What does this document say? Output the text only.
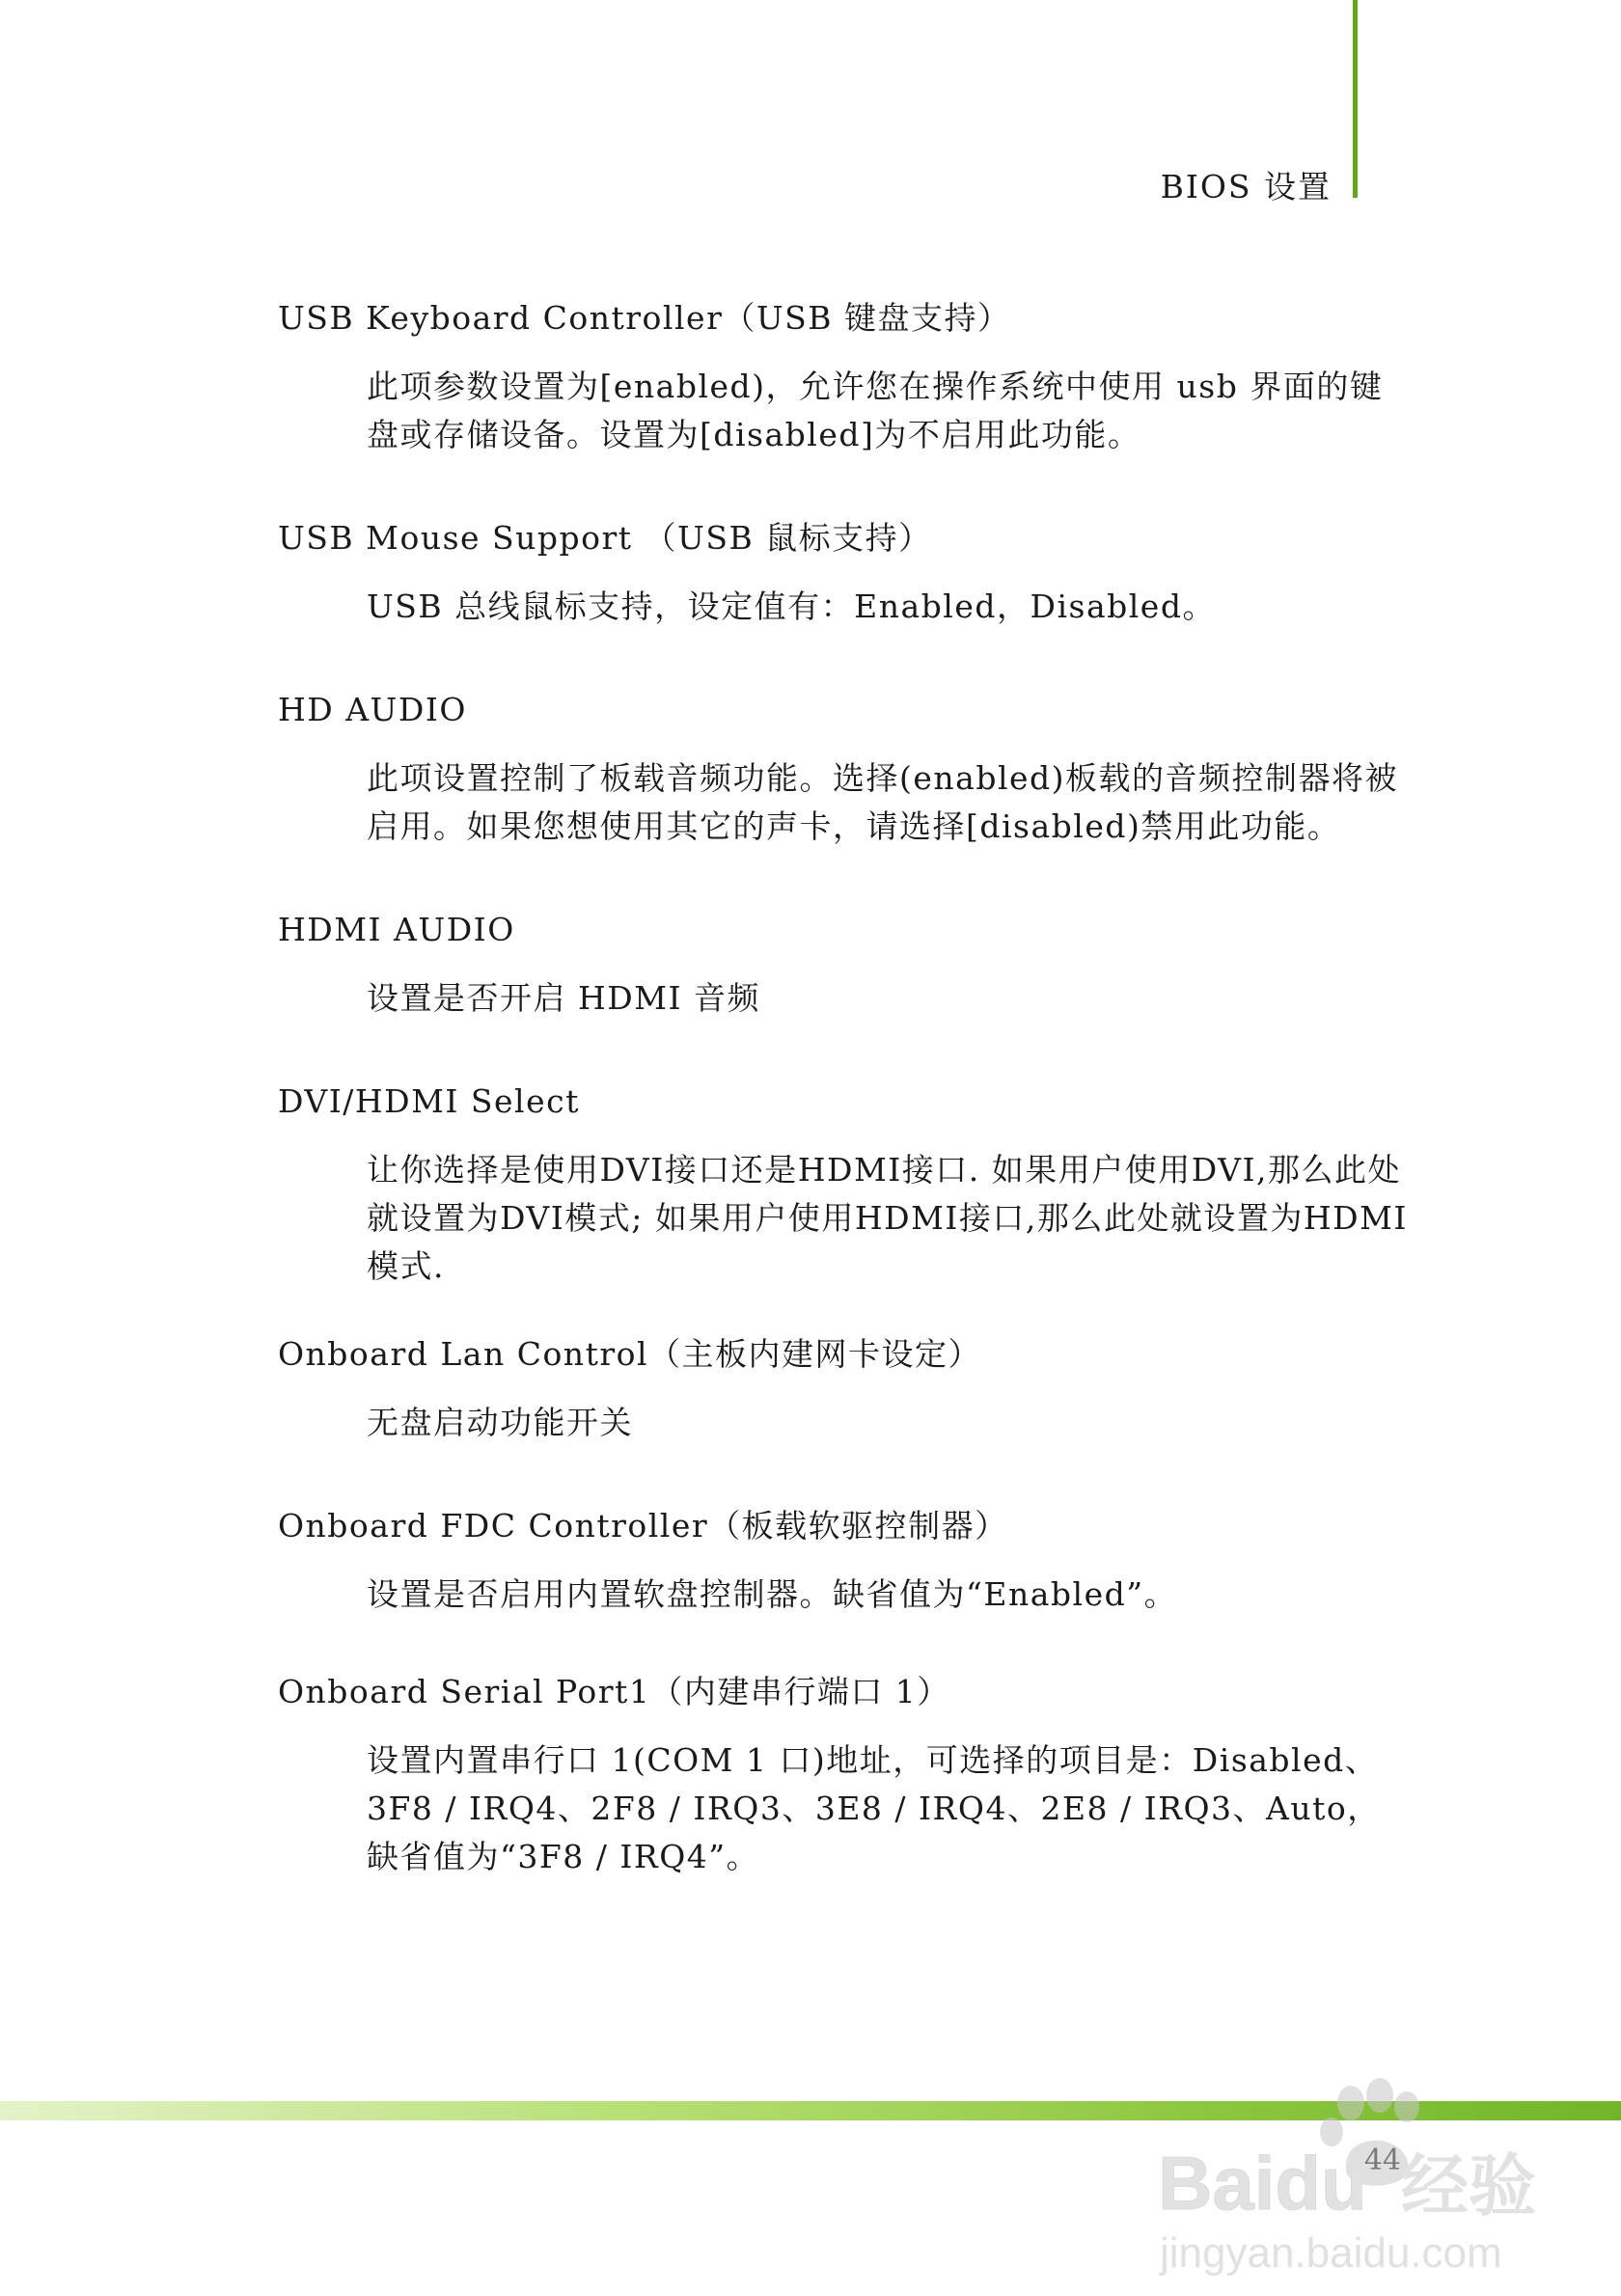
BIOS 设置
USB Keyboard Controller（USB 键盘支持）

此项参数设置为[enabled)，允许您在操作系统中使用 usb 界面的键盘或存储设备。设置为[disabled]为不启用此功能。

USB Mouse Support （USB 鼠标支持）

USB 总线鼠标支持，设定值有：Enabled，Disabled。

HD AUDIO

此项设置控制了板载音频功能。选择(enabled)板载的音频控制器将被启用。如果您想使用其它的声卡，请选择[disabled)禁用此功能。

HDMI AUDIO

设置是否开启 HDMI 音频

DVI/HDMI Select

让你选择是使用DVI接口还是HDMI接口. 如果用户使用DVI,那么此处就设置为DVI模式; 如果用户使用HDMI接口,那么此处就设置为HDMI模式.

Onboard Lan Control（主板内建网卡设定）

无盘启动功能开关

Onboard FDC Controller（板载软驱控制器）

设置是否启用内置软盘控制器。缺省值为“Enabled”。

Onboard Serial Port1（内建串行端口 1）

设置内置串行口 1(COM 1 口)地址，可选择的项目是：Disabled、3F8 / IRQ4、2F8 / IRQ3、3E8 / IRQ4、2E8 / IRQ3、Auto，缺省值为“3F8 / IRQ4”。

Baidu 经验
jingyan.baidu.com
